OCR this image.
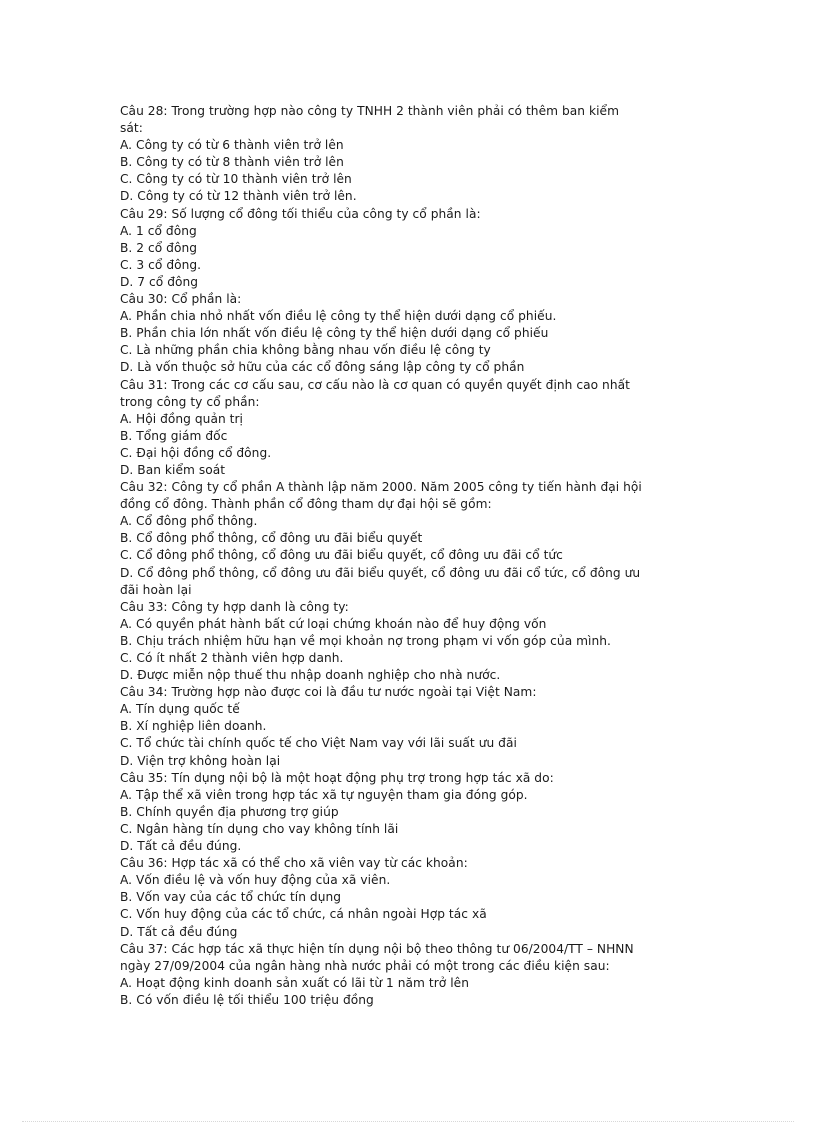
Câu 28: Trong trường hợp nào công ty TNHH 2 thành viên phải có thêm ban kiểm
sát:
A. Công ty có từ 6 thành viên trở lên
B. Công ty có từ 8 thành viên trở lên
C. Công ty có từ 10 thành viên trở lên
D. Công ty có từ 12 thành viên trở lên.
Câu 29: Số lượng cổ đông tối thiểu của công ty cổ phần là:
A. 1 cổ đông
B. 2 cổ đông
C. 3 cổ đông.
D. 7 cổ đông
Câu 30: Cổ phần là:
A. Phần chia nhỏ nhất vốn điều lệ công ty thể hiện dưới dạng cổ phiếu.
B. Phần chia lớn nhất vốn điều lệ công ty thể hiện dưới dạng cổ phiếu
C. Là những phần chia không bằng nhau vốn điều lệ công ty
D. Là vốn thuộc sở hữu của các cổ đông sáng lập công ty cổ phần
Câu 31: Trong các cơ cấu sau, cơ cấu nào là cơ quan có quyền quyết định cao nhất
trong công ty cổ phần:
A. Hội đồng quản trị
B. Tổng giám đốc
C. Đại hội đồng cổ đông.
D. Ban kiểm soát
Câu 32: Công ty cổ phần A thành lập năm 2000. Năm 2005 công ty tiến hành đại hội
đồng cổ đông. Thành phần cổ đông tham dự đại hội sẽ gồm:
A. Cổ đông phổ thông.
B. Cổ đông phổ thông, cổ đông ưu đãi biểu quyết
C. Cổ đông phổ thông, cổ đông ưu đãi biểu quyết, cổ đông ưu đãi cổ tức
D. Cổ đông phổ thông, cổ đông ưu đãi biểu quyết, cổ đông ưu đãi cổ tức, cổ đông ưu
đãi hoàn lại
Câu 33: Công ty hợp danh là công ty:
A. Có quyền phát hành bất cứ loại chứng khoán nào để huy động vốn
B. Chịu trách nhiệm hữu hạn về mọi khoản nợ trong phạm vi vốn góp của mình.
C. Có ít nhất 2 thành viên hợp danh.
D. Được miễn nộp thuế thu nhập doanh nghiệp cho nhà nước.
Câu 34: Trường hợp nào được coi là đầu tư nước ngoài tại Việt Nam:
A. Tín dụng quốc tế
B. Xí nghiệp liên doanh.
C. Tổ chức tài chính quốc tế cho Việt Nam vay với lãi suất ưu đãi
D. Viện trợ không hoàn lại
Câu 35: Tín dụng nội bộ là một hoạt động phụ trợ trong hợp tác xã do:
A. Tập thể xã viên trong hợp tác xã tự nguyện tham gia đóng góp.
B. Chính quyền địa phương trợ giúp
C. Ngân hàng tín dụng cho vay không tính lãi
D. Tất cả đều đúng.
Câu 36: Hợp tác xã có thể cho xã viên vay từ các khoản:
A. Vốn điều lệ và vốn huy động của xã viên.
B. Vốn vay của các tổ chức tín dụng
C. Vốn huy động của các tổ chức, cá nhân ngoài Hợp tác xã
D. Tất cả đều đúng
Câu 37: Các hợp tác xã thực hiện tín dụng nội bộ theo thông tư 06/2004/TT – NHNN
ngày 27/09/2004 của ngân hàng nhà nước phải có một trong các điều kiện sau:
A. Hoạt động kinh doanh sản xuất có lãi từ 1 năm trở lên
B. Có vốn điều lệ tối thiểu 100 triệu đồng
